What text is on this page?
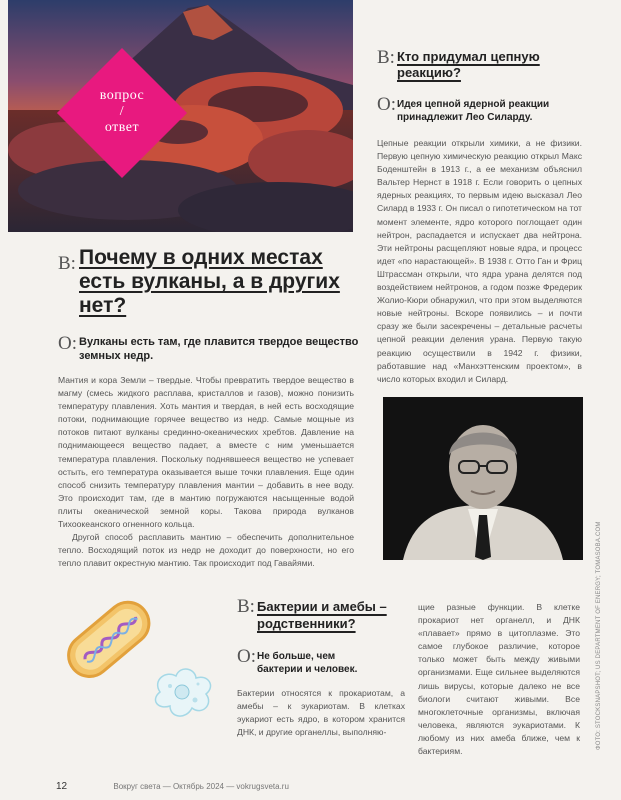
вопрос
/
ответ
В: Почему в одних местах есть вулканы, а в других нет?
О: Вулканы есть там, где плавится твердое вещество земных недр.

Мантия и кора Земли – твердые. Чтобы превратить твердое вещество в магму (смесь жидкого расплава, кристаллов и газов), можно понизить температуру плавления. Хоть мантия и твердая, в ней есть восходящие потоки, поднимающие горячее вещество из недр. Самые мощные из потоков питают вулканы срединно-океанических хребтов. Давление на поднимающееся вещество падает, а вместе с ним уменьшается температура плавления. Поскольку поднявшееся вещество не успевает остыть, его температура оказывается выше точки плавления. Еще один способ снизить температуру плавления мантии – добавить в нее воду. Это происходит там, где в мантию погружаются насыщенные водой плиты океанической земной коры. Такова природа вулканов Тихоокеанского огненного кольца.

Другой способ расплавить мантию – обеспечить дополнительное тепло. Восходящий поток из недр не доходит до поверхности, но его тепло плавит окрестную мантию. Так происходит под Гавайями.

В: Кто придумал цепную реакцию?
О: Идея цепной ядерной реакции принадлежит Лео Силарду.

Цепные реакции открыли химики, а не физики. Первую цепную химическую реакцию открыл Макс Боденштейн в 1913 г., а ее механизм объяснил Вальтер Нернст в 1918 г. Если говорить о цепных ядерных реакциях, то первым идею высказал Лео Силард в 1933 г. Он писал о гипотетическом на тот момент элементе, ядро которого поглощает один нейтрон, распадается и испускает два нейтрона. Эти нейтроны расщепляют новые ядра, и процесс идет «по нарастающей». В 1938 г. Отто Ган и Фриц Штрассман открыли, что ядра урана делятся под воздействием нейтронов, а годом позже Фредерик Жолио-Кюри обнаружил, что при этом выделяются новые нейтроны. Вскоре появились – и почти сразу же были засекречены – детальные расчеты цепной реакции деления урана. Первую такую реакцию осуществили в 1942 г. физики, работавшие над «Манхэттенским проектом», в число которых входил и Силард.

В: Бактерии и амебы – родственники?
О: Не больше, чем бактерии и человек.

Бактерии относятся к прокариотам, а амебы – к эукариотам. В клетках эукариот есть ядро, в котором хранится ДНК, и другие органеллы, выполняю-

щие разные функции. В клетке прокариот нет органелл, и ДНК «плавает» прямо в цитоплазме. Это самое глубокое различие, которое только может быть между живыми организмами. Еще сильнее выделяются лишь вирусы, которые далеко не все биологи считают живыми. Все многоклеточные организмы, включая человека, являются эукариотами. К любому из них амеба ближе, чем к бактериям.

ФОТО: STOCKSNAPSHOT; US DEPARTMENT OF ENERGY; TOMASOBA.COM
12	Вокруг света — Октябрь 2024 — vokrugsveta.ru
